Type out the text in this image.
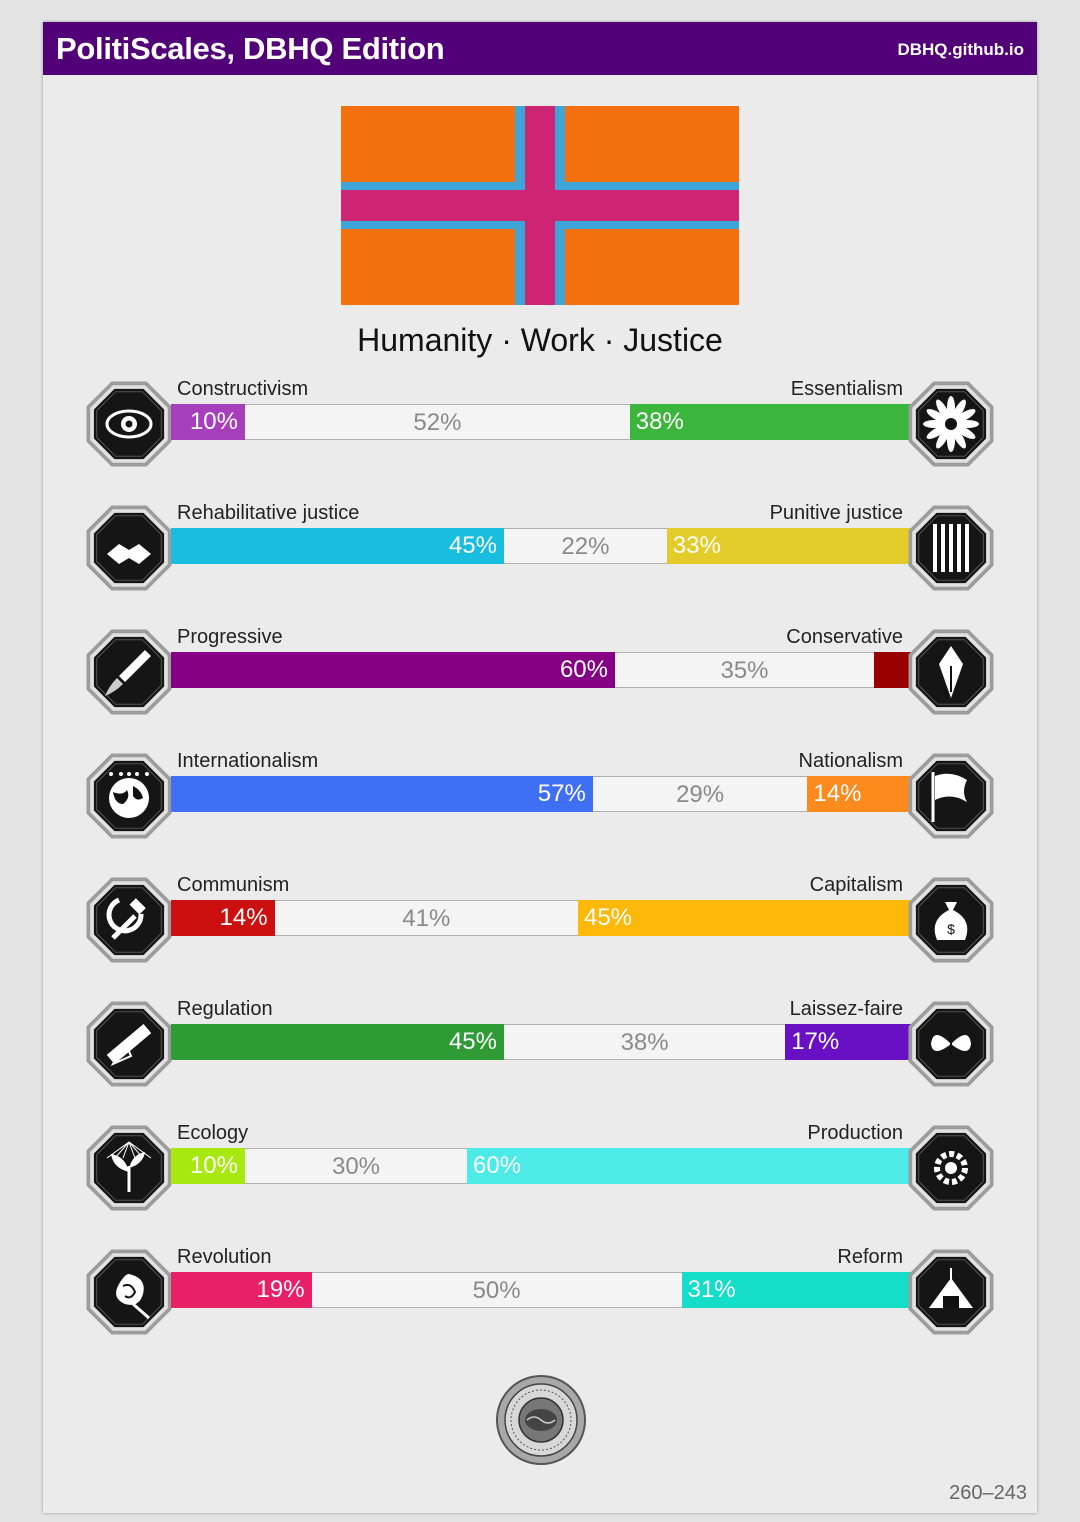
PolitiScales, DBHQ Edition	DBHQ.github.io
Humanity · Work · Justice
Constructivism	Essentialism
10%	52%	38%
Rehabilitative justice	Punitive justice
45%	22%	33%
Progressive	Conservative
60%	35%
Internationalism	Nationalism
57%	29%	14%
Communism	Capitalism
14%	41%	45%	$
Regulation	Laissez-faire
45%	38%	17%
Ecology	Production
10%	30%	60%
Revolution	Reform
19%	50%	31%
260–243
